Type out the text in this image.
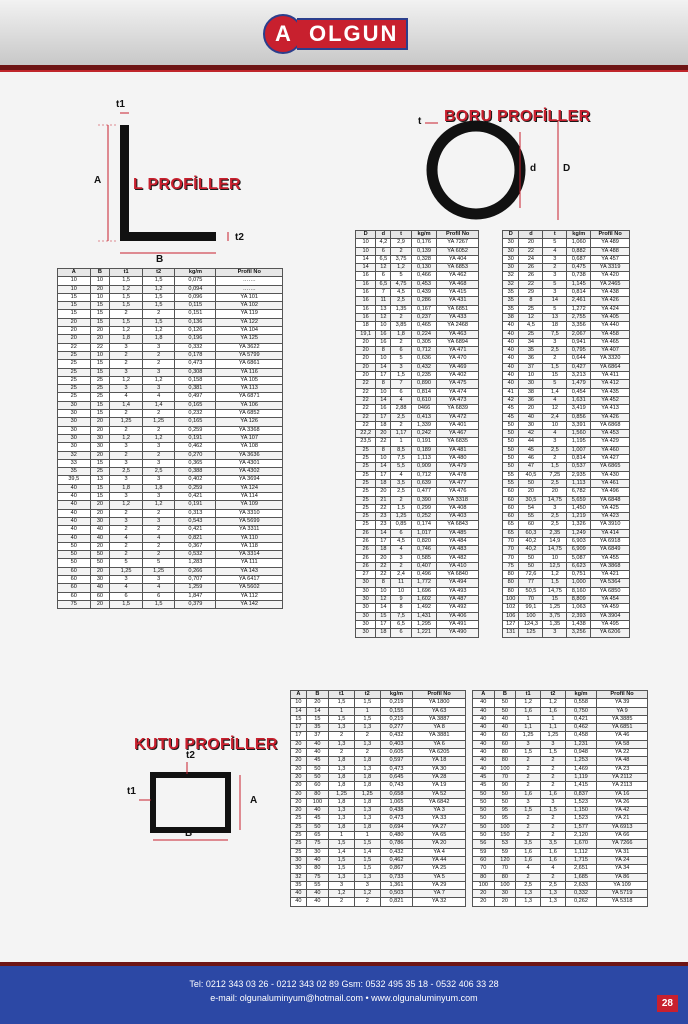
A OLGUN
A
B
t1
t2
L PROFİLLER
BORU PROFİLLER
t
d	D
KUTU PROFİLLER
t2
t1
A
B
A	B	t1	t2	kg/m	Profil No
10	10	1,5	1,5	0,075	…….
10	20	1,2	1,2	0,094	…….
15	10	1,5	1,5	0,096	YA 101
15	15	1,5	1,5	0,115	YA 102
15	15	2	2	0,151	YA 119
20	15	1,5	1,5	0,136	YA 122
20	20	1,2	1,2	0,126	YA 104
20	20	1,8	1,8	0,196	YA 125
22	22	3	3	0,332	YA 3622
25	10	2	2	0,178	YA 5799
25	15	2	2	0,473	YA 6861
25	15	3	3	0,308	YA 116
25	25	1,2	1,2	0,158	YA 105
25	25	3	3	0,381	YA 113
25	25	4	4	0,497	YA 6871
30	15	1,4	1,4	0,165	YA 106
30	15	2	2	0,232	YA 6852
30	20	1,25	1,25	0,165	YA 126
30	20	2	2	0,259	YA 3368
30	30	1,2	1,2	0,191	YA 107
30	30	3	3	0,462	YA 108
32	20	2	2	0,270	YA 3636
33	15	3	3	0,365	YA 4301
35	25	2,5	2,5	0,388	YA 4302
39,5	13	3	3	0,402	YA 3694
40	15	1,8	1,8	0,259	YA 124
40	15	3	3	0,421	YA 114
40	20	1,2	1,2	0,191	YA 109
40	20	2	2	0,313	YA 3310
40	30	3	3	0,543	YA 5699
40	40	2	2	0,421	YA 3311
40	40	4	4	0,821	YA 110
50	20	2	2	0,367	YA 118
50	50	2	2	0,532	YA 3314
50	50	5	5	1,283	YA 111
60	20	1,25	1,25	0,266	YA 143
60	30	3	3	0,707	YA 6417
60	40	4	4	1,259	YA 5602
60	60	6	6	1,847	YA 112
75	20	1,5	1,5	0,379	YA 142
D	d	t	kg/m	Profil No
10	4,2	2,9	0,176	YA 7267
10	6	2	0,139	YA 6052
14	6,5	3,75	0,328	YA 404
14	12	1,2	0,130	YA 6853
16	6	5	0,466	YA 462
16	6,5	4,75	0,453	YA 468
16	7	4,5	0,439	YA 415
16	11	2,5	0,286	YA 431
16	13	1,35	0,167	YA 6851
16	12	2	0,237	YA 433
18	10	3,85	0,465	YA 2468
19,1	16	1,8	0,224	YA 463
20	16	2	0,305	YA 6894
20	8	6	0,712	YA 471
20	10	5	0,636	YA 470
20	14	3	0,432	YA 469
20	17	1,5	0,235	YA 402
22	8	7	0,890	YA 475
22	10	6	0,814	YA 474
22	14	4	0,610	YA 473
22	16	2,88	0466	YA 6839
22	17	2,5	0,413	YA 472
22	18	2	1,339	YA 401
22,2	20	1,17	0,242	YA 467
23,5	22	1	0,191	YA 6835
25	8	8,5	0,189	YA 481
25	10	7,5	1,113	YA 480
25	14	5,5	0,909	YA 479
25	17	4	0,712	YA 478
25	18	3,5	0,639	YA 477
25	20	2,5	0,477	YA 476
25	21	2	0,390	YA 3318
25	22	1,5	0,299	YA 408
25	23	1,25	0,252	YA 403
25	23	0,85	0,174	YA 6843
26	14	6	1,017	YA 485
26	17	4,5	0,820	YA 484
26	18	4	0,746	YA 483
26	20	3	0,585	YA 482
26	22	2	0,407	YA 410
27	22	2,4	0,496	YA 6840
30	8	11	1,772	YA 494
30	10	10	1,696	YA 493
30	12	9	1,602	YA 487
30	14	8	1,492	YA 492
30	15	7,5	1,431	YA 406
30	17	6,5	1,295	YA 491
30	18	6	1,221	YA 490
D	d	t	kg/m	Profil No
30	20	5	1,060	YA 489
30	22	4	0,882	YA 488
30	24	3	0,687	YA 457
30	26	2	0,475	YA 3319
32	26	3	0,738	YA 420
32	22	5	1,145	YA 2465
35	29	3	0,814	YA 438
35	8	14	2,461	YA 426
35	25	5	1,272	YA 424
38	12	13	2,755	YA 405
40	4,5	18	3,356	YA 440
40	25	7,5	2,067	YA 458
40	34	3	0,941	YA 465
40	35	2,5	0,795	YA 407
40	36	2	0,644	YA 3320
40	37	1,5	0,427	YA 6864
40	10	15	3,213	YA 411
40	30	5	1,479	YA 412
41	38	1,4	0,454	YA 435
42	36	4	1,631	YA 452
45	20	12	3,419	YA 413
45	40	2,4	0,856	YA 426
50	30	10	3,391	YA 6868
50	42	4	1,560	YA 453
50	44	3	1,195	YA 429
50	45	2,5	1,007	YA 460
50	46	2	0,814	YA 427
50	47	1,5	0,537	YA 6865
55	40,5	7,25	2,935	YA 430
55	50	2,5	1,113	YA 461
60	20	20	6,782	YA 496
60	30,5	14,75	5,659	YA 6848
60	54	3	1,450	YA 425
60	55	2,5	1,219	YA 423
65	60	2,5	1,326	YA 3910
65	60,3	2,35	1,249	YA 414
70	40,2	14,9	6,903	YA 6918
70	40,2	14,75	6,909	YA 6849
70	50	10	5,087	YA 455
75	50	12,5	6,623	YA 3868
80	72,6	1,2	0,751	YA 421
80	77	1,5	1,000	YA 5364
80	50,5	14,75	8,160	YA 6850
100	70	15	8,809	YA 454
102	99,1	1,25	1,063	YA 459
106	100	3,75	2,393	YA 3904
127	124,3	1,35	1,438	YA 495
131	125	3	3,256	YA 6206
A	B	t1	t2	kg/m	Profil No
10	20	1,5	1,5	0,219	YA 1800
14	14	1	1	0,155	YA 63
15	15	1,5	1,5	0,219	YA 3887
17	35	1,3	1,3	0,277	YA 8
17	37	2	2	0,432	YA 3881
20	40	1,3	1,3	0,403	YA 6
20	40	2	2	0,605	YA 6205
20	45	1,8	1,8	0,597	YA 18
20	50	1,3	1,3	0,473	YA 30
20	50	1,8	1,8	0,645	YA 28
20	60	1,8	1,8	0,743	YA 19
20	80	1,25	1,25	0,658	YA 52
20	100	1,8	1,8	1,065	YA 6842
20	40	1,3	1,3	0,438	YA 3
25	45	1,3	1,3	0,473	YA 33
25	50	1,8	1,8	0,694	YA 27
25	65	1	1	0,480	YA 65
25	75	1,5	1,5	0,786	YA 20
25	30	1,4	1,4	0,432	YA 4
30	40	1,5	1,5	0,462	YA 44
30	80	1,5	1,5	0,867	YA 25
32	75	1,3	1,3	0,733	YA 5
35	55	3	3	1,361	YA 29
40	40	1,2	1,2	0,503	YA 7
40	40	2	2	0,821	YA 32
A	B	t1	t2	kg/m	Profil No
40	50	1,2	1,2	0,558	YA 39
40	50	1,6	1,6	0,750	YA 9
40	40	1	1	0,421	YA 3885
40	40	1,1	1,1	0,462	YA 6851
40	60	1,25	1,25	0,458	YA 46
40	60	3	3	1,231	YA 58
40	80	1,5	1,5	0,948	YA 22
40	80	2	2	1,253	YA 48
40	100	2	2	1,469	YA 23
45	70	2	2	1,119	YA 2112
45	90	2	2	1,415	YA 2113
50	50	1,6	1,6	0,837	YA 16
50	50	3	3	1,523	YA 26
50	95	1,5	1,5	1,150	YA 42
50	95	2	2	1,523	YA 21
50	100	2	2	1,577	YA 6913
50	150	2	2	2,120	YA 66
56	53	3,5	3,5	1,670	YA 7266
59	59	1,6	1,6	1,112	YA 31
60	120	1,6	1,6	1,715	YA 24
70	70	4	4	2,651	YA 34
80	80	2	2	1,685	YA 86
100	100	2,5	2,5	2,633	YA 109
20	30	1,3	1,3	0,332	YA 5719
20	20	1,3	1,3	0,262	YA 5318
Tel: 0212 343 03 26 - 0212 343 02 89 Gsm: 0532 495 35 18 - 0532 406 33 28
e-mail: olgunaluminyum@hotmail.com • www.olgunaluminyum.com	28
